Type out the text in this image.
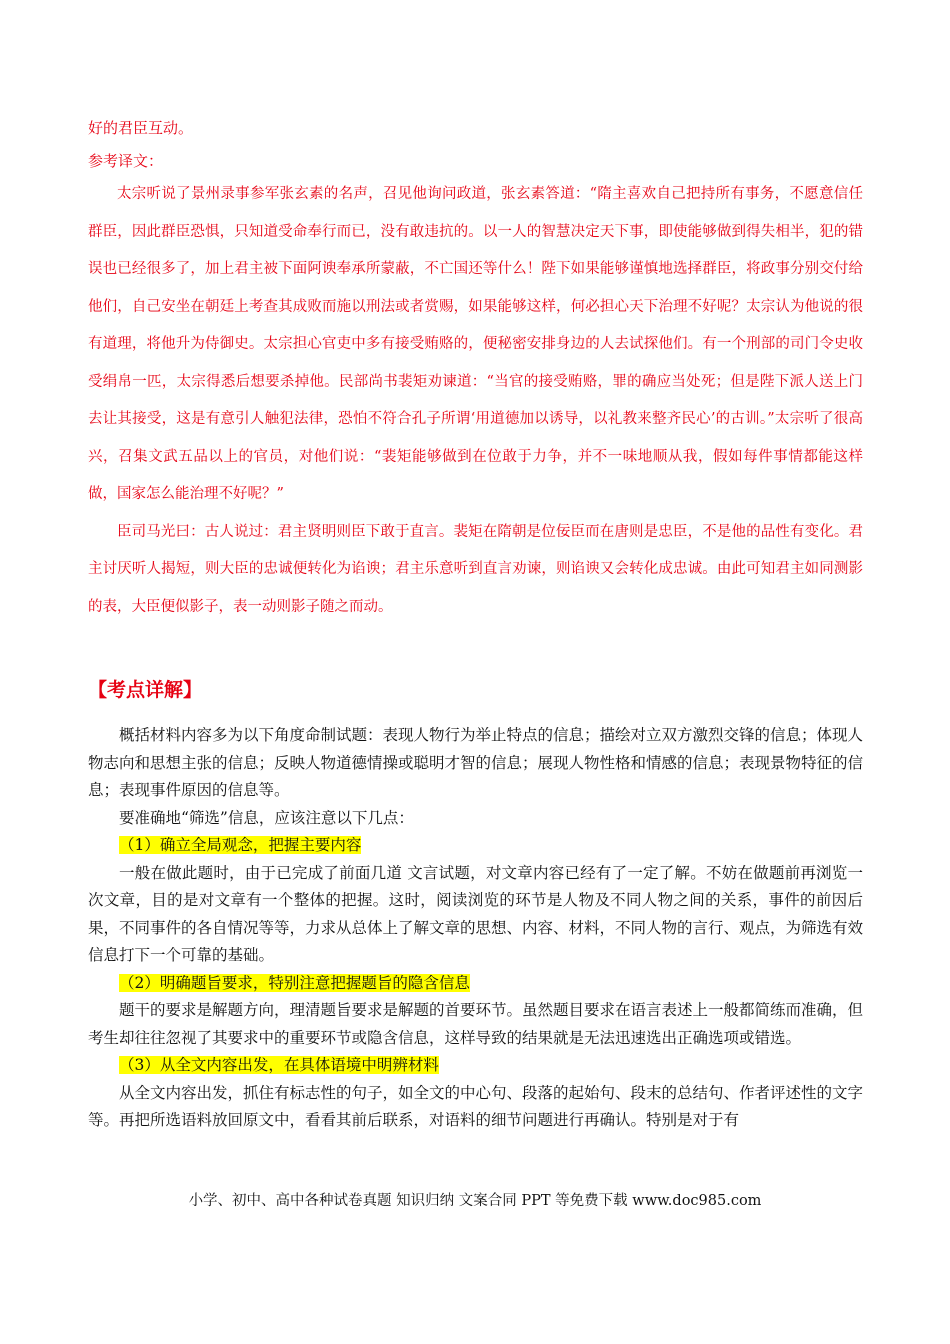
好的君臣互动。

参考译文：

太宗听说了景州录事参军张玄素的名声，召见他询问政道，张玄素答道：“隋主喜欢自己把持所有事务，不愿意信任群臣，因此群臣恐惧，只知道受命奉行而已，没有敢违抗的。以一人的智慧决定天下事，即使能够做到得失相半，犯的错误也已经很多了，加上君主被下面阿谀奉承所蒙蔽，不亡国还等什么！陛下如果能够谨慎地选择群臣，将政事分别交付给他们，自己安坐在朝廷上考查其成败而施以刑法或者赏赐，如果能够这样，何必担心天下治理不好呢？太宗认为他说的很有道理，将他升为侍御史。太宗担心官吏中多有接受贿赂的，便秘密安排身边的人去试探他们。有一个刑部的司门令史收受绢帛一匹，太宗得悉后想要杀掉他。民部尚书裴矩劝谏道：“当官的接受贿赂，罪的确应当处死；但是陛下派人送上门去让其接受，这是有意引人触犯法律，恐怕不符合孔子所谓‘用道德加以诱导，以礼教来整齐民心’的古训。”太宗听了很高兴，召集文武五品以上的官员，对他们说：“裴矩能够做到在位敢于力争，并不一味地顺从我，假如每件事情都能这样做，国家怎么能治理不好呢？”

臣司马光曰：古人说过：君主贤明则臣下敢于直言。裴矩在隋朝是位佞臣而在唐则是忠臣，不是他的品性有变化。君主讨厌听人揭短，则大臣的忠诚便转化为谄谀；君主乐意听到直言劝谏，则谄谀又会转化成忠诚。由此可知君主如同测影的表，大臣便似影子，表一动则影子随之而动。

【考点详解】

概括材料内容多为以下角度命制试题：表现人物行为举止特点的信息；描绘对立双方激烈交锋的信息；体现人物志向和思想主张的信息；反映人物道德情操或聪明才智的信息；展现人物性格和情感的信息；表现景物特征的信息；表现事件原因的信息等。

要准确地“筛选”信息，应该注意以下几点：

（1）确立全局观念，把握主要内容

一般在做此题时，由于已完成了前面几道 文言试题，对文章内容已经有了一定了解。不妨在做题前再浏览一次文章，目的是对文章有一个整体的把握。这时，阅读浏览的环节是人物及不同人物之间的关系，事件的前因后果，不同事件的各自情况等等，力求从总体上了解文章的思想、内容、材料，不同人物的言行、观点，为筛选有效信息打下一个可靠的基础。

（2）明确题旨要求，特别注意把握题旨的隐含信息

题干的要求是解题方向，理清题旨要求是解题的首要环节。虽然题目要求在语言表述上一般都简练而准确，但考生却往往忽视了其要求中的重要环节或隐含信息，这样导致的结果就是无法迅速选出正确选项或错选。

（3）从全文内容出发，在具体语境中明辨材料

从全文内容出发，抓住有标志性的句子，如全文的中心句、段落的起始句、段末的总结句、作者评述性的文字等。再把所选语料放回原文中，看看其前后联系，对语料的细节问题进行再确认。特别是对于有

小学、初中、高中各种试卷真题 知识归纳 文案合同 PPT 等免费下载 www.doc985.com
